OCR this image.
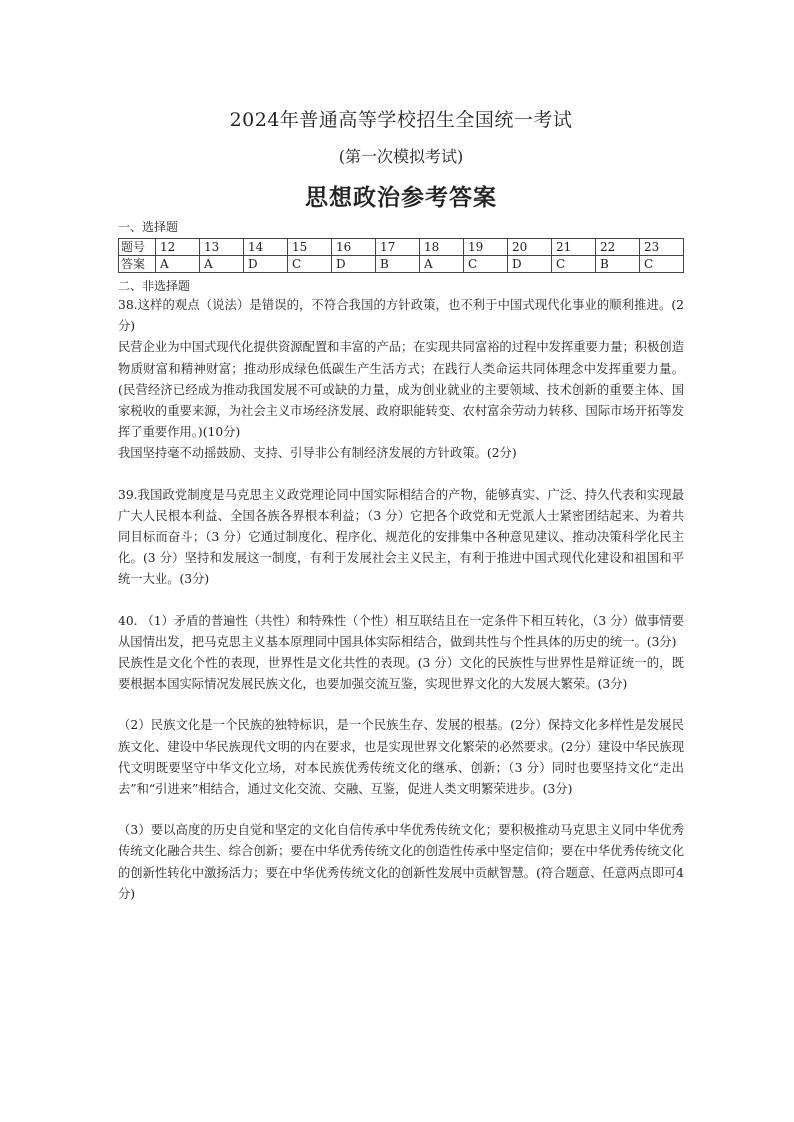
2024年普通高等学校招生全国统一考试
(第一次模拟考试)
思想政治参考答案
一、选择题
题号	12	13	14	15	16	17	18	19	20	21	22	23
答案	A	A	D	C	D	B	A	C	D	C	B	C
二、非选择题

38.这样的观点（说法）是错误的，不符合我国的方针政策，也不利于中国式现代化事业的顺利推进。(2分)

民营企业为中国式现代化提供资源配置和丰富的产品；在实现共同富裕的过程中发挥重要力量；积极创造物质财富和精神财富；推动形成绿色低碳生产生活方式；在践行人类命运共同体理念中发挥重要力量。(民营经济已经成为推动我国发展不可或缺的力量，成为创业就业的主要领域、技术创新的重要主体、国家税收的重要来源，为社会主义市场经济发展、政府职能转变、农村富余劳动力转移、国际市场开拓等发挥了重要作用。)(10分)

我国坚持毫不动摇鼓励、支持、引导非公有制经济发展的方针政策。(2分)

39.我国政党制度是马克思主义政党理论同中国实际相结合的产物，能够真实、广泛、持久代表和实现最广大人民根本利益、全国各族各界根本利益；（3 分）它把各个政党和无党派人士紧密团结起来、为着共同目标而奋斗；（3 分）它通过制度化、程序化、规范化的安排集中各种意见建议、推动决策科学化民主化。(3 分）坚持和发展这一制度，有利于发展社会主义民主，有利于推进中国式现代化建设和祖国和平统一大业。(3分)

40. （1）矛盾的普遍性（共性）和特殊性（个性）相互联结且在一定条件下相互转化，（3 分）做事情要从国情出发，把马克思主义基本原理同中国具体实际相结合，做到共性与个性具体的历史的统一。(3分)

民族性是文化个性的表现，世界性是文化共性的表现。(3 分）文化的民族性与世界性是辩证统一的，既要根据本国实际情况发展民族文化，也要加强交流互鉴，实现世界文化的大发展大繁荣。(3分)

（2）民族文化是一个民族的独特标识，是一个民族生存、发展的根基。(2分）保持文化多样性是发展民族文化、建设中华民族现代文明的内在要求，也是实现世界文化繁荣的必然要求。(2分）建设中华民族现代文明既要坚守中华文化立场，对本民族优秀传统文化的继承、创新；（3 分）同时也要坚持文化“走出去”和“引进来”相结合，通过文化交流、交融、互鉴，促进人类文明繁荣进步。(3分)

（3）要以高度的历史自觉和坚定的文化自信传承中华优秀传统文化；要积极推动马克思主义同中华优秀传统文化融合共生、综合创新；要在中华优秀传统文化的创造性传承中坚定信仰；要在中华优秀传统文化的创新性转化中激扬活力；要在中华优秀传统文化的创新性发展中贡献智慧。(符合题意、任意两点即可4分)
